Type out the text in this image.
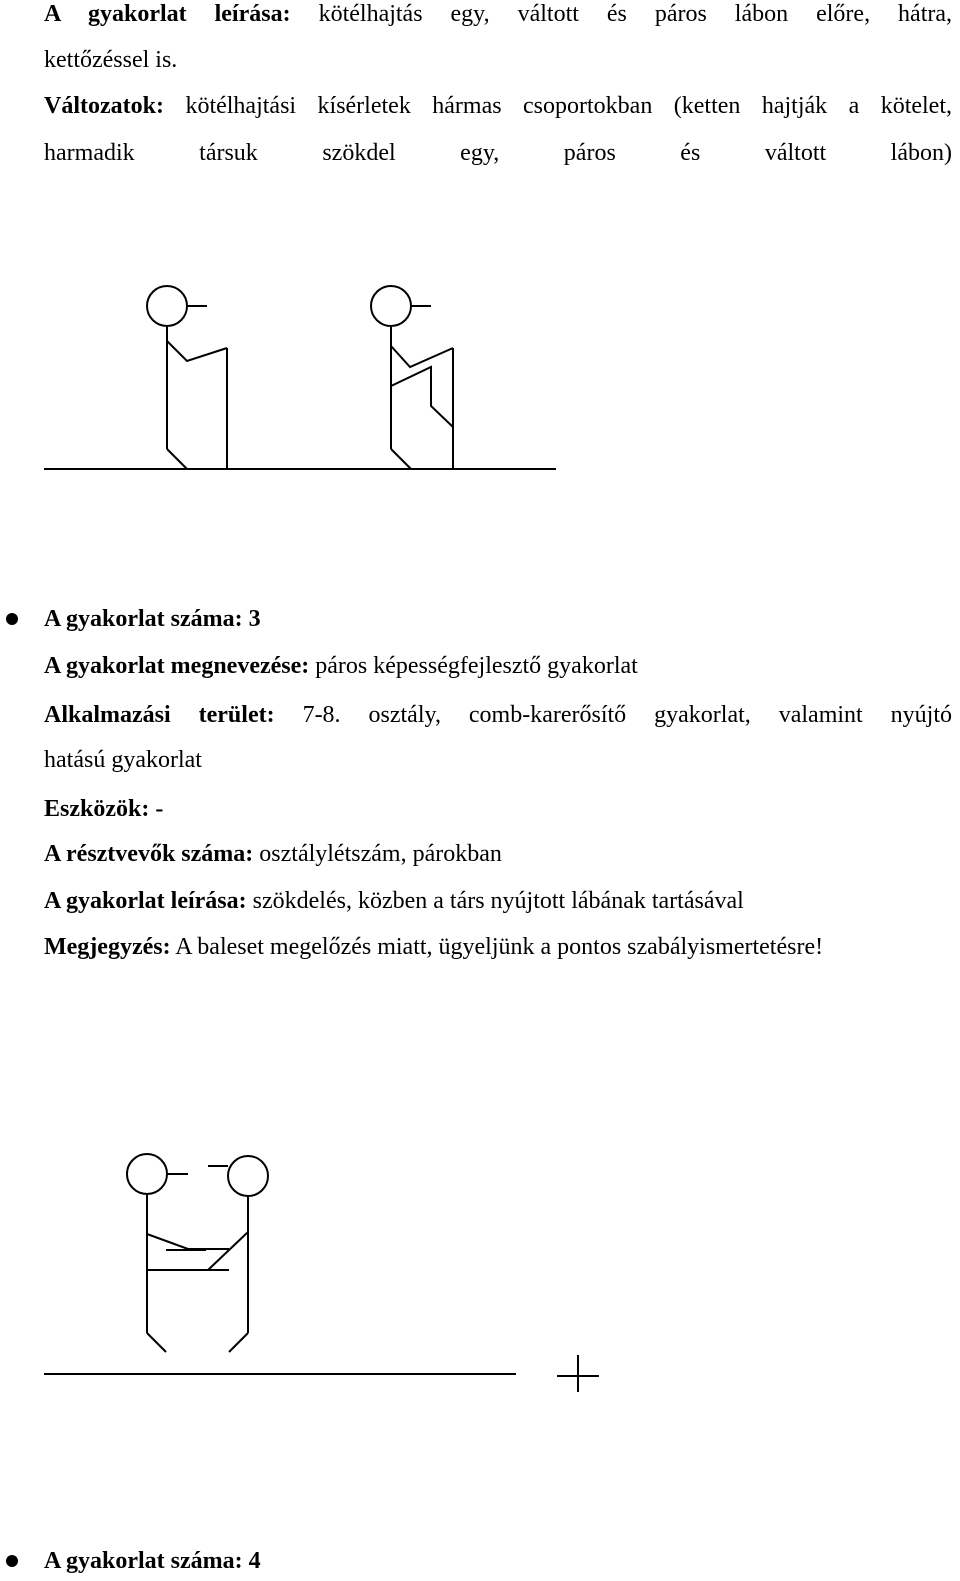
A gyakorlat leírása: kötélhajtás egy, váltott és páros lábon előre, hátra,
kettőzéssel is.
Változatok: kötélhajtási kísérletek hármas csoportokban (ketten hajtják a kötelet,
harmadik társuk szökdel egy, páros és váltott lábon)
A gyakorlat száma: 3
A gyakorlat megnevezése: páros képességfejlesztő gyakorlat
Alkalmazási terület: 7-8. osztály, comb-karerősítő gyakorlat, valamint nyújtó
hatású gyakorlat
Eszközök: -
A résztvevők száma: osztálylétszám, párokban
A gyakorlat leírása: szökdelés, közben a társ nyújtott lábának tartásával
Megjegyzés: A baleset megelőzés miatt, ügyeljünk a pontos szabályismertetésre!
A gyakorlat száma: 4
